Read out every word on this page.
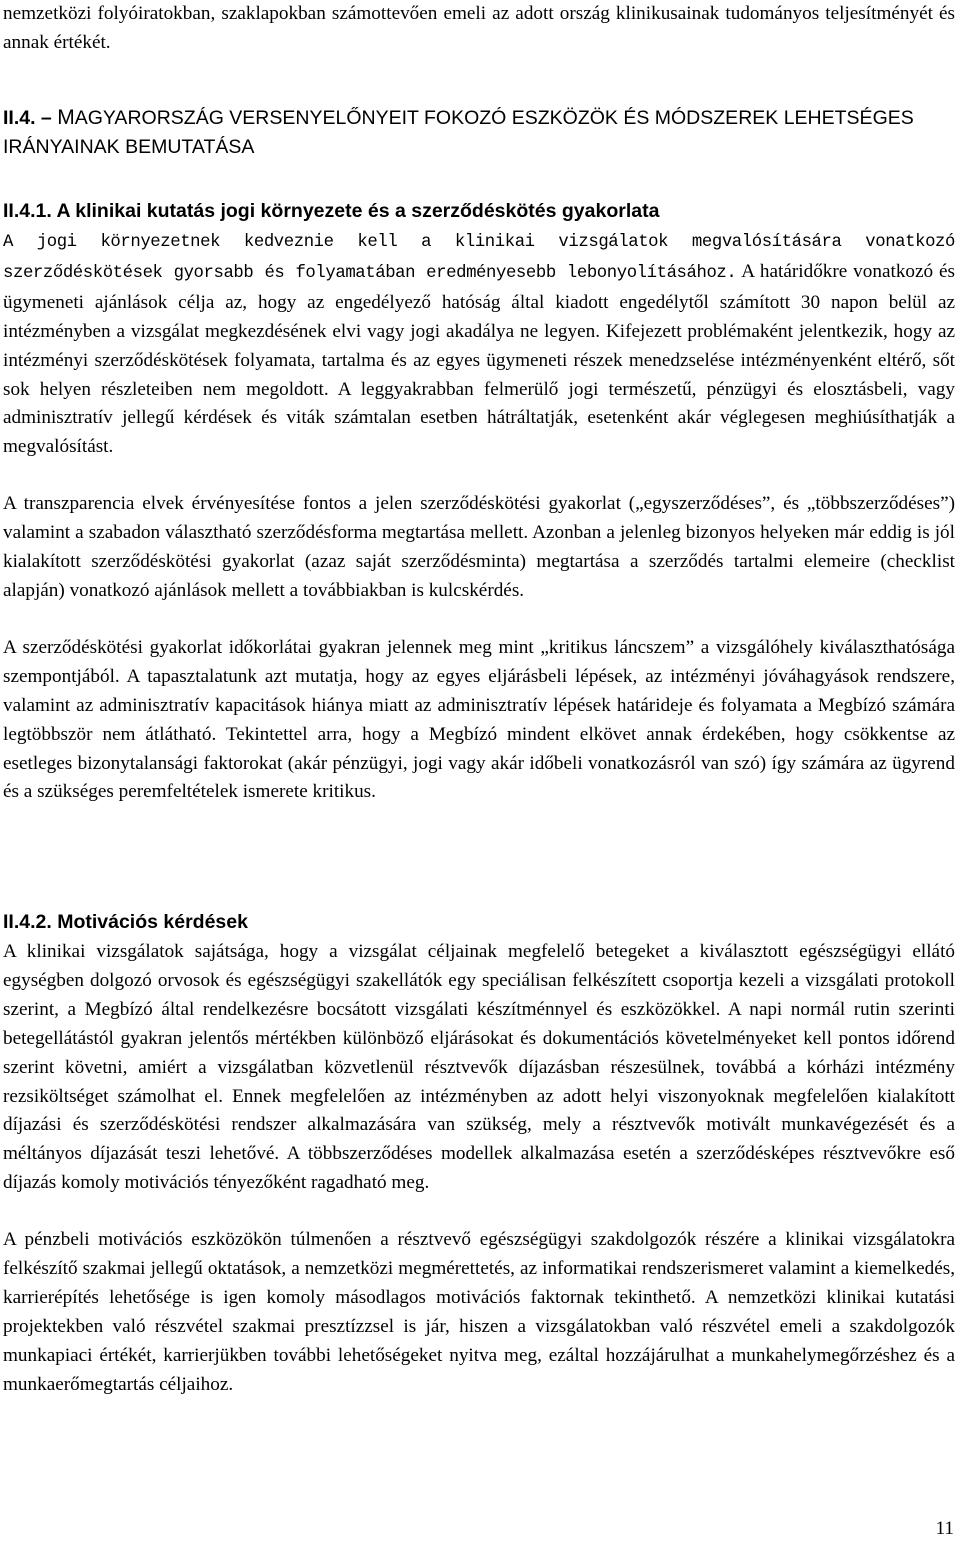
nemzetközi folyóiratokban, szaklapokban számottevően emeli az adott ország klinikusainak tudományos teljesítményét és annak értékét.

II.4. – MAGYARORSZÁG VERSENYELŐNYEIT FOKOZÓ ESZKÖZÖK ÉS MÓDSZEREK LEHETSÉGES IRÁNYAINAK BEMUTATÁSA

II.4.1. A klinikai kutatás jogi környezete és a szerződéskötés gyakorlata

A jogi környezetnek kedveznie kell a klinikai vizsgálatok megvalósítására vonatkozó szerződéskötések gyorsabb és folyamatában eredményesebb lebonyolításához. A határidőkre vonatkozó és ügymeneti ajánlások célja az, hogy az engedélyező hatóság által kiadott engedélytől számított 30 napon belül az intézményben a vizsgálat megkezdésének elvi vagy jogi akadálya ne legyen. Kifejezett problémaként jelentkezik, hogy az intézményi szerződéskötések folyamata, tartalma és az egyes ügymeneti részek menedzselése intézményenként eltérő, sőt sok helyen részleteiben nem megoldott. A leggyakrabban felmerülő jogi természetű, pénzügyi és elosztásbeli, vagy adminisztratív jellegű kérdések és viták számtalan esetben hátráltatják, esetenként akár véglegesen meghiúsíthatják a megvalósítást.

A transzparencia elvek érvényesítése fontos a jelen szerződéskötési gyakorlat („egyszerződéses”, és „többszerződéses”) valamint a szabadon választható szerződésforma megtartása mellett. Azonban a jelenleg bizonyos helyeken már eddig is jól kialakított szerződéskötési gyakorlat (azaz saját szerződésminta) megtartása a szerződés tartalmi elemeire (checklist alapján) vonatkozó ajánlások mellett a továbbiakban is kulcskérdés.

A szerződéskötési gyakorlat időkorlátai gyakran jelennek meg mint „kritikus láncszem” a vizsgálóhely kiválaszthatósága szempontjából. A tapasztalatunk azt mutatja, hogy az egyes eljárásbeli lépések, az intézményi jóváhagyások rendszere, valamint az adminisztratív kapacitások hiánya miatt az adminisztratív lépések határideje és folyamata a Megbízó számára legtöbbször nem átlátható. Tekintettel arra, hogy a Megbízó mindent elkövet annak érdekében, hogy csökkentse az esetleges bizonytalansági faktorokat (akár pénzügyi, jogi vagy akár időbeli vonatkozásról van szó) így számára az ügyrend és a szükséges peremfeltételek ismerete kritikus.

II.4.2. Motivációs kérdések

A klinikai vizsgálatok sajátsága, hogy a vizsgálat céljainak megfelelő betegeket a kiválasztott egészségügyi ellátó egységben dolgozó orvosok és egészségügyi szakellátók egy speciálisan felkészített csoportja kezeli a vizsgálati protokoll szerint, a Megbízó által rendelkezésre bocsátott vizsgálati készítménnyel és eszközökkel. A napi normál rutin szerinti betegellátástól gyakran jelentős mértékben különböző eljárásokat és dokumentációs követelményeket kell pontos időrend szerint követni, amiért a vizsgálatban közvetlenül résztvevők díjazásban részesülnek, továbbá a kórházi intézmény rezsiköltséget számolhat el. Ennek megfelelően az intézményben az adott helyi viszonyoknak megfelelően kialakított díjazási és szerződéskötési rendszer alkalmazására van szükség, mely a résztvevők motivált munkavégezését és a méltányos díjazását teszi lehetővé. A többszerződéses modellek alkalmazása esetén a szerződésképes résztvevőkre eső díjazás komoly motivációs tényezőként ragadható meg.

A pénzbeli motivációs eszközökön túlmenően a résztvevő egészségügyi szakdolgozók részére a klinikai vizsgálatokra felkészítő szakmai jellegű oktatások, a nemzetközi megmérettetés, az informatikai rendszerismeret valamint a kiemelkedés, karrierépítés lehetősége is igen komoly másodlagos motivációs faktornak tekinthető. A nemzetközi klinikai kutatási projektekben való részvétel szakmai presztízzsel is jár, hiszen a vizsgálatokban való részvétel emeli a szakdolgozók munkapiaci értékét, karrierjükben további lehetőségeket nyitva meg, ezáltal hozzájárulhat a munkahelymegőrzéshez és a munkaerőmegtartás céljaihoz.

11
